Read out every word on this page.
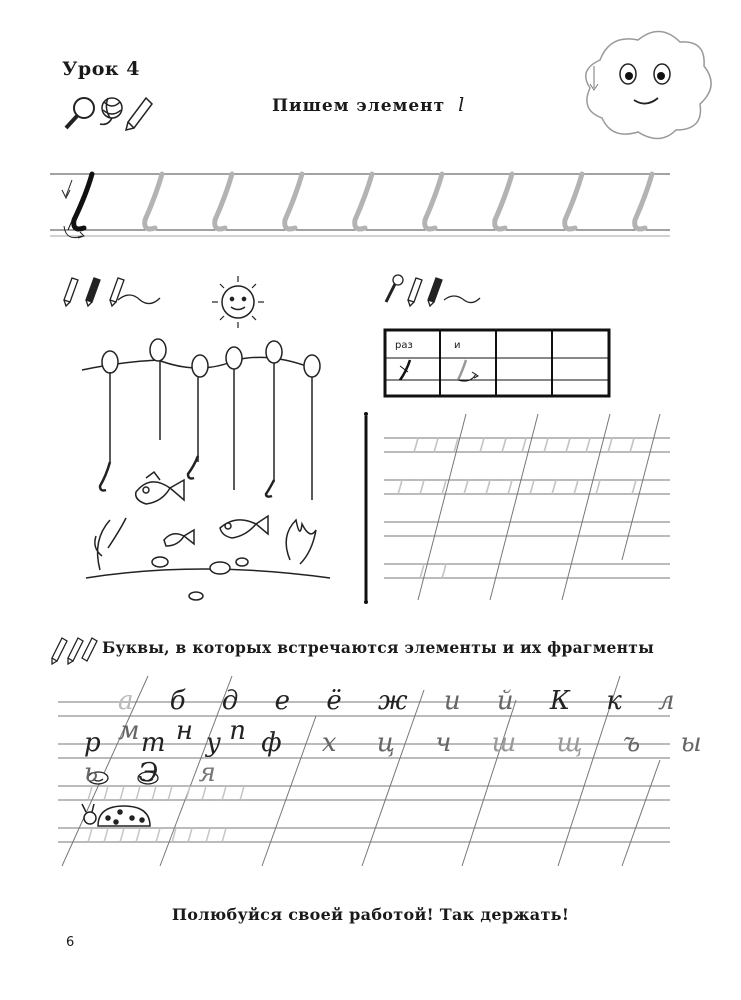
Урок 4
Пишем элемент l
раз	и
Буквы, в которых встречаются элементы и их фрагменты
а б д е ё ж и й К к л м н п
р т у ф х ц ч ш щ ъ ы ь Э я
Полюбуйся своей работой! Так держать!
6
